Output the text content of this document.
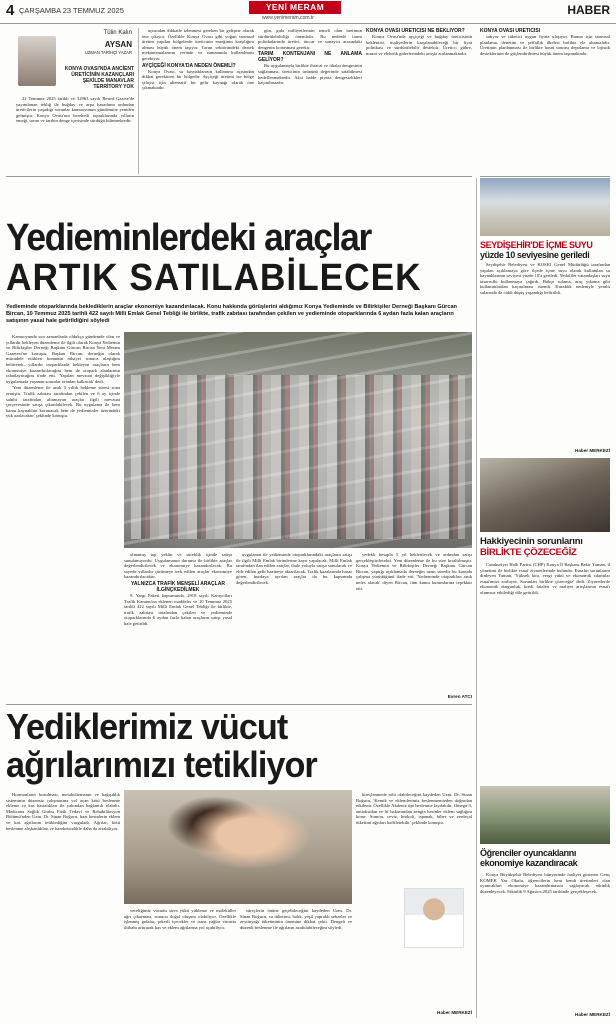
4 ÇARŞAMBA 23 TEMMUZ 2025	YENİ MERAM
www.yenimeram.com.tr
HABER
Tülin Kalın
AYSAN
UZMAN TARİHÇİ YAZAR
KONYA OVASI'NDA ANCİENT ÜRETİCİNİN KAZANÇLARI ŞEKİLDE MANAVLAR TERRİTORY YOK

22 Temmuz 2025 tarihli ve 32963 sayılı Resmî Gazete'de yayımlanan tebliğ ile buğday ve arpa hasadının ardından üreticilerin yaşadığı sorunlar kamuoyunun gündemine yeniden gelmiştir. Konya Ovası'nın bereketli topraklarında yılların emeği, tarım ve tarihin denge içerisinde sürdüğü bilinmektedir.

açısından dikkatle izlenmesi gereken bir gelişme olarak öne çıkıyor. Özellikle Konya Ovası gibi yoğun tarımsal üretim yapılan bölgelerde üreticinin emeğinin karşılığını alması büyük önem taşıyor. Tarım sektöründeki destek mekanizmalarının yerinde ve zamanında kullanılması gerekiyor.

AYÇİÇEĞİ KONYA'DA NEDEN ÖNEMLİ?

Konya Ovası, su kaynaklarının kullanımı açısından dikkat gerektiren bir bölgedir. Ayçiçeği üretimi ise bölge çiftçisi için alternatif bir gelir kaynağı olarak öne çıkmaktadır.

gün, gıda milliyetlerinin temeli olan üretimin sürdürülebilirliği önemlidir. Bu nedenle tarım politikalarında üretici, tüccar ve sanayici arasındaki dengenin korunması gerekir.

TARIM KONTENJANI NE ANLAMA GELİYOR?

Bu uygulamayla birlikte ihracat ve ithalat dengesinin sağlanması, üreticinin ürününü değerinde satabilmesi hedeflenmektedir. Aksi halde piyasa dengesizlikleri kaçınılmazdır.

KONYA OVASI ÜRETİCİSİ NE BEKLİYOR?

Konya Ovası'nda ayçiçeği ve buğday üreticisinin beklentisi, maliyetlerin karşılanabileceği bir fiyat politikası ve sürdürülebilir destektir. Üretici; gübre, mazot ve elektrik giderlerindeki artışla zorlanmaktadır.

KONYA OVASI ÜRETİCİSİ

satıyor ve tüketici uygun fiyata ulaşıyor. Bunun için tarımsal planlama, denetim ve şeffaflık ilkeleri birlikte ele alınmalıdır. Üretimin planlanması ile birlikte hasat sonrası depolama ve lojistik desteklerinin de güçlendirilmesi büyük önem taşımaktadır.

Yedieminlerdeki araçlar
ARTIK SATILABİLECEK
Yedieminde otoparklarında beklediklerin araçlar ekonomiye kazandırılacak. Konu hakkında görüşlerini aldığımız Konya Yedieminde ve Bilirkişiler Derneği Başkanı Gürcan Bircan, 10 Temmuz 2025 tarihli 422 sayılı Milli Emlak Genel Tebliği ile birlikte, trafik zabıtası tarafından çekilen ve yedieminde otoparklarında 6 aydan fazla kalan araçların satışının yasal hale getirildiğini söyledi

Kamuoyunda son zamanlarda oldukça gündemde olan ve yıllardır bekleyen düzenleme ile ilgili olarak Konya Yediemin ve Bilirkişiler Derneği Başkanı Gürcan Bircan Yeni Meram Gazetesi'ne konuştu. Başkan Bircan, derneğin olarak mücadele ettikleri konunun nihayet sonuca ulaştığını belirterek, yıllardır otoparklarda bekleyen araçların hem ekonomiye kazandırılacağını hem de otopark alanlarının rahatlayacağını ifade etti. 'Yapılan mevzuat değişikliğiyle uygulamada yaşanan sorunlar ortadan kalkacak' dedi.

'Yeni düzenleme ile artık 5 yıllık bekleme süresi sona ermiştir. Trafik zabıtası tarafından çekilen ve 6 ay içinde sahibi tarafından alınmayan araçlar ilgili mevzuat çerçevesinde satışa çıkarılabilecek. Bu uygulama ile hem kamu kaynakları korunacak hem de yedieminler üzerindeki yük azalacaktır' şeklinde konuştu.

olmamış top yekûn ve süreklik içinde satışa sunulamıyordu. Uygulamanın durumu ile birlikte araçlar değerlendirilecek ve ekonomiye kazandırılacak. Bu sayede yıllardır çürümeye terk edilen araçlar ekonomiye kazandırılacaktır.

YALNIZCA TRAFİK MENŞELİ ARAÇLAR İLGİNÇKEDİLMEK

9. Yargı Paketi kapsamında, 2918 sayılı Karayolları Trafik Kanunu'na eklenen maddeler ve 10 Temmuz 2025 tarihli 422 sayılı Milli Emlak Genel Tebliği ile birlikte, trafik zabıtası tarafından çekilen ve yedieminde otoparklarında 6 aydan fazla kalan araçların satışı yasal hale getirildi.

uygulanan ile yedieminde otoparklarındaki araçların satışı ile ilgili Milli Emlak birimlerine kayıt yapılacak. Milli Emlak tarafından ilan edilen araçlar, ihale yoluyla satışa sunulacak ve elde edilen gelir hazineye aktarılacak. Trafik kazalarında hasar gören, hurdaya ayrılan araçlar da bu kapsamda değerlendirilecek.

yedekli hesapla 5 yıl bekletilecek ve ardından satışı gerçekleştirilecekti. Yeni düzenleme ile bu süre kısaltılmıştır. Konya Yediemin ve Bilirkişiler Derneği Başkanı Gürcan Bircan, yaptığı açıklamada derneğin uzun süredir bu konuda çalışma yürüttüğünü ifade etti. 'Yedieminde otoparkları artık nefes alacak' diyen Bircan, tüm kamu kurumlarına teşekkür etti.

Evren ATCI
Yediklerimiz vücut
ağrılarımızı tetikliyor

Hormonların bozulması, metabolizmanın ve bağışıklık sisteminin düzensiz çalışmasına yol açan kötü beslenme ekleme ve kas hastalıkları ile yakından bağlantılı olabilir. Medicana Sağlık Grubu Fizik Tedavi ve Rehabilitasyon Bölümü'nden Uzm. Dr. Sinan Boğucu, bazı besinlerin eklem ve kas ağrılarını tetiklediğini vurguladı. Ağrılar, kötü beslenme alışkanlıkları ve hareketsizlikle daha da artabiliyor.

vereliğimiz vücudu stres yükü yükleme ve moleküller ağrı çıkarması, sonucu doğal oluşum olabiliyor. Özellikle işlenmiş gıdalar, şekerli içecekler ve trans yağlar vücutta iltihabı artırarak kas ve eklem ağrılarına yol açabiliyor.

süreçlerin önüne geçebileceğini kaydeden Uzm. Dr. Sinan Boğucu, su tüketimi, balık, yeşil yapraklı sebzeler ve zeytinyağı tüketiminin önemine dikkat çekti. Dengeli ve düzenli beslenme ile ağrıların azaltılabileceğini söyledi.

kireçlenmede rolü olabileceğini kaydeden Uzm. Dr. Sinan Boğucu, 'Kemik ve eklemlerimiz beslenmemizden doğrudan etkilenir. Özellikle Akdeniz tipi beslenme faydalıdır. Omega-3, antioksidan ve lif bakımından zengin besinler eklem sağlığını korur. Somon, ceviz, brokoli, ıspanak, biber ve zerdeçal tüketimi ağrıları hafifletebilir' şeklinde konuştu.

Haber MERKEZİ
SEYDİŞEHİR'DE İÇME SUYU
yüzde 10 seviyesine geriledi

Seydişehir Belediyesi ve KOSKİ Genel Müdürlüğü tarafından yapılan açıklamaya göre ilçede içme suyu olarak kullanılan su kaynaklarının seviyesi yüzde 10'a geriledi. Yetkililer vatandaşları suyu tasarruflu kullanmaya çağırdı. Bahçe sulama, araç yıkama gibi kullanımlardan kaçınılması istendi. Kuraklık nedeniyle yeraltı sularında da ciddi düşüş yaşandığı belirtildi.

Haber MERKEZİ
Hakkiyecinin sorunlarını
BİRLİKTE ÇÖZECEĞİZ

Cumhuriyet Halk Partisi (CHP) Konya İl Başkanı Bekir Yaman, il yönetimi ile birlikte esnaf ziyaretlerinde bulundu. Esnafın sorunlarını dinleyen Yaman, 'Yüksek kira, vergi yükü ve ekonomik sıkıntılar esnafımızı zorluyor. Sorunları birlikte çözeceğiz' dedi. Ziyaretlerde ekonomik durgunluk, kredi faizleri ve maliyet artışlarının esnafı olumsuz etkilediği dile getirildi.

Öğrenciler oyuncaklarını
ekonomiye kazandıracak

Konya Büyükşehir Belediyesi bünyesinde faaliyet gösteren Genç KOMEK Yaz Okulu, öğrencilerin hem kendi üretimleri olan oyuncakları ekonomiye kazandırmasını sağlayacak etkinlik düzenleyecek. Etkinlik 9 Ağustos 2025 tarihinde gerçekleşecek.

Haber MERKEZİ
